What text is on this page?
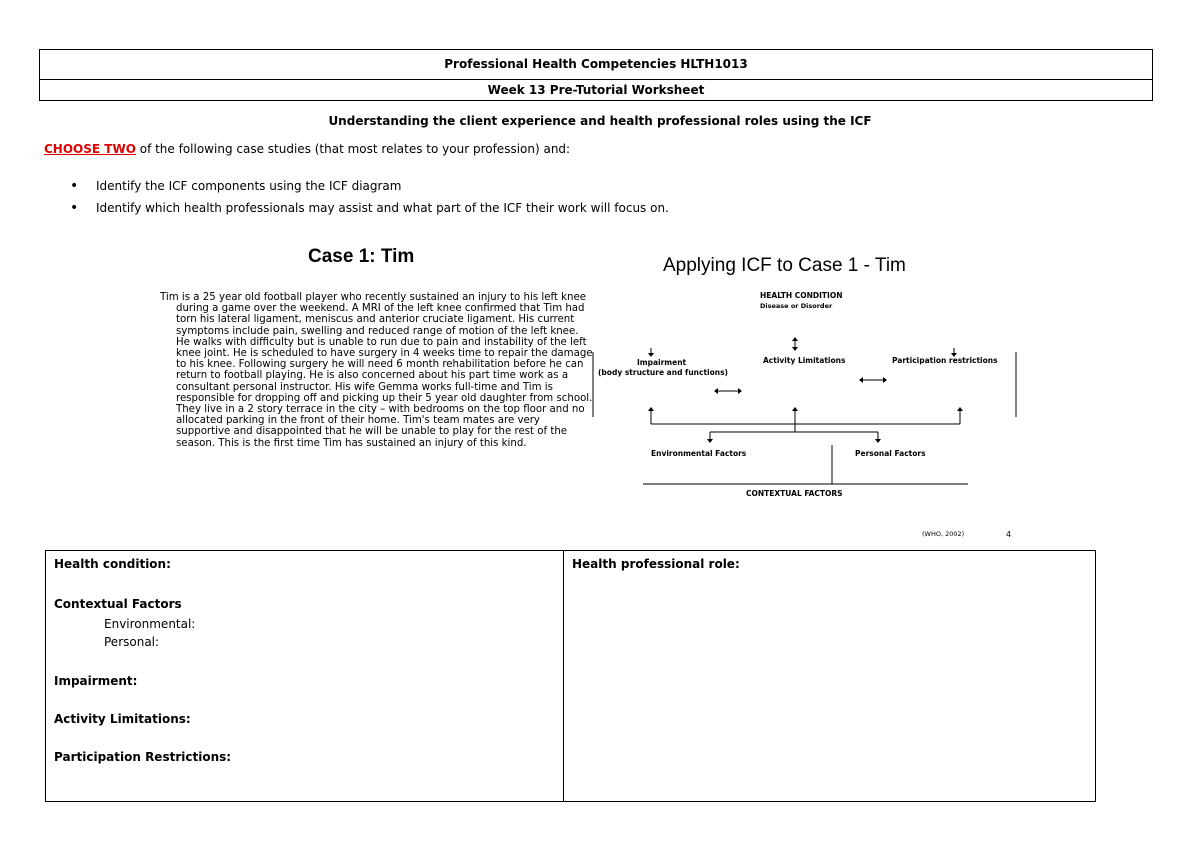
Professional Health Competencies HLTH1013
Week 13 Pre-Tutorial Worksheet
Understanding the client experience and health professional roles using the ICF
CHOOSE TWO of the following case studies (that most relates to your profession) and:
• Identify the ICF components using the ICF diagram
• Identify which health professionals may assist and what part of the ICF their work will focus on.
Case 1: Tim

Tim is a 25 year old football player who recently sustained an injury to his left knee during a game over the weekend. A MRI of the left knee confirmed that Tim had torn his lateral ligament, meniscus and anterior cruciate ligament. His current symptoms include pain, swelling and reduced range of motion of the left knee. He walks with difficulty but is unable to run due to pain and instability of the left knee joint. He is scheduled to have surgery in 4 weeks time to repair the damage to his knee. Following surgery he will need 6 month rehabilitation before he can return to football playing. He is also concerned about his part time work as a consultant personal instructor. His wife Gemma works full-time and Tim is responsible for dropping off and picking up their 5 year old daughter from school. They live in a 2 story terrace in the city – with bedrooms on the top floor and no allocated parking in the front of their home. Tim's team mates are very supportive and disappointed that he will be unable to play for the rest of the season. This is the first time Tim has sustained an injury of this kind.

Applying ICF to Case 1 - Tim
HEALTH CONDITION
Disease or Disorder
Impairment
(body structure and functions)
Activity Limitations	Participation restrictions
Environmental Factors	Personal Factors
CONTEXTUAL FACTORS
(WHO, 2002)	4
Health condition:
Contextual Factors
Environmental:
Personal:
Impairment:
Activity Limitations:
Participation Restrictions:
Health professional role:
